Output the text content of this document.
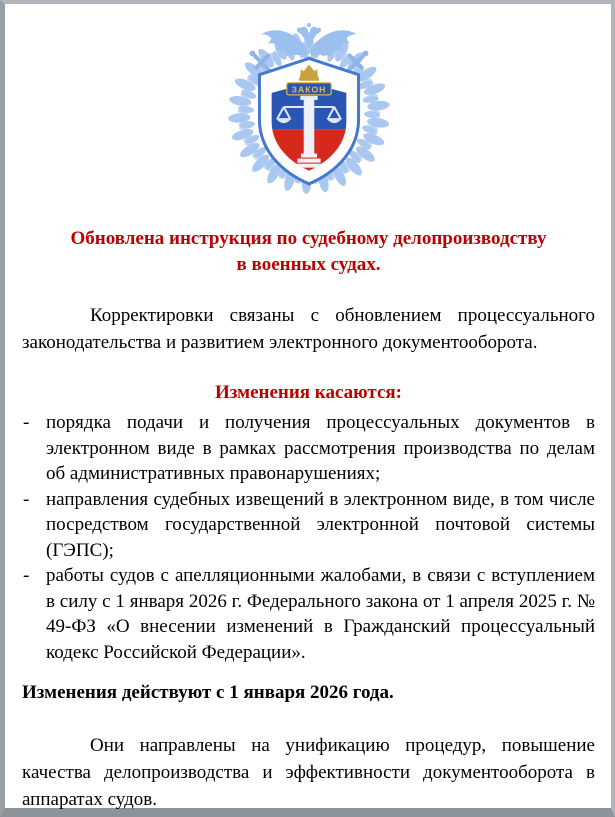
ЗАКОН
Обновлена инструкция по судебному делопроизводству
в военных судах.

Корректировки связаны с обновлением процессуального законодательства и развитием электронного документооборота.

Изменения касаются:

- порядка подачи и получения процессуальных документов в электронном виде в рамках рассмотрения производства по делам об административных правонарушениях;
- направления судебных извещений в электронном виде, в том числе посредством государственной электронной почтовой системы (ГЭПС);
- работы судов с апелляционными жалобами, в связи с вступлением в силу с 1 января 2026 г. Федерального закона от 1 апреля 2025 г. № 49-ФЗ «О внесении изменений в Гражданский процессуальный кодекс Российской Федерации».

Изменения действуют с 1 января 2026 года.

Они направлены на унификацию процедур, повышение качества делопроизводства и эффективности документооборота в аппаратах судов.
